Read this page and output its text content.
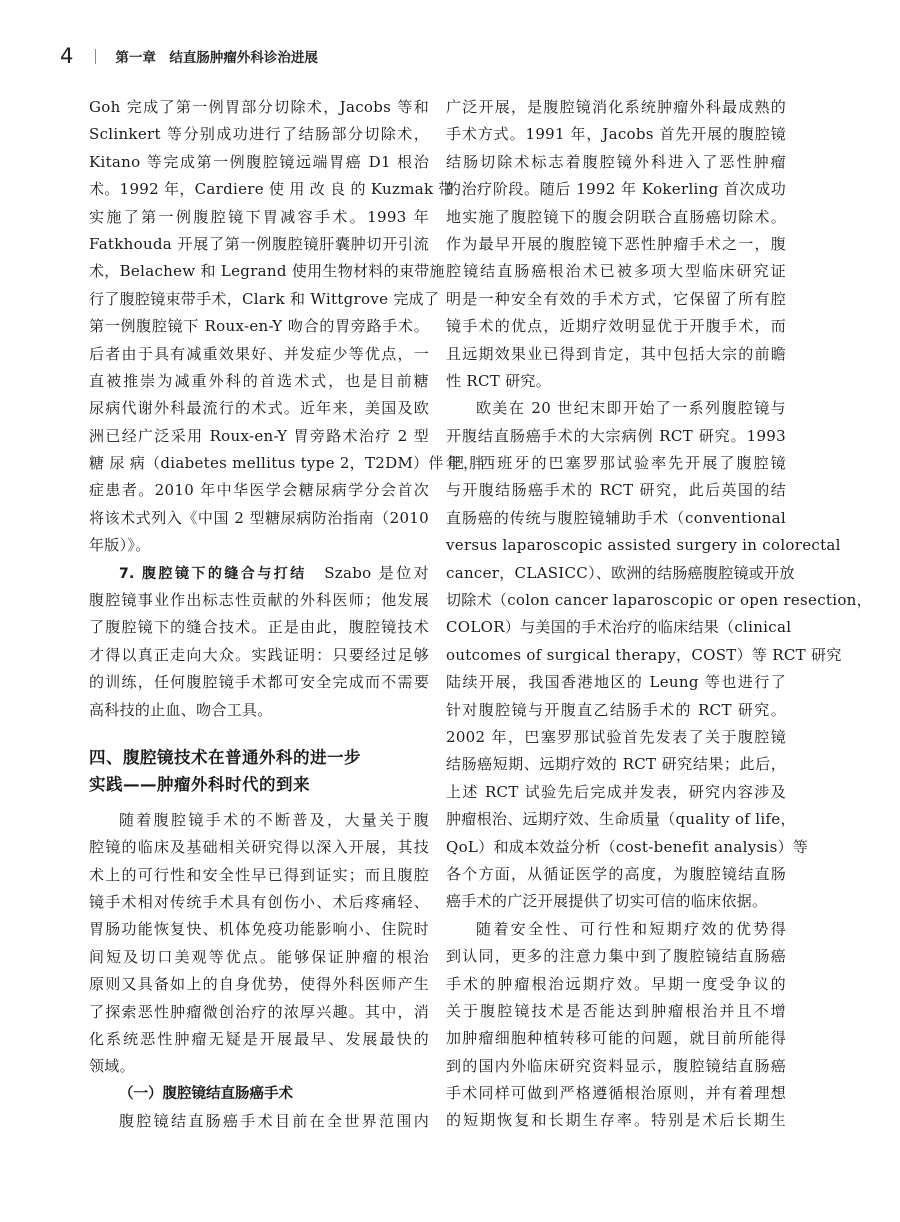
4	第一章　结直肠肿瘤外科诊治进展
Goh 完成了第一例胃部分切除术，Jacobs 等和
Sclinkert 等分别成功进行了结肠部分切除术，
Kitano 等完成第一例腹腔镜远端胃癌 D1 根治
术。1992 年，Cardiere 使 用 改 良 的 Kuzmak 带
实施了第一例腹腔镜下胃减容手术。1993 年
Fatkhouda 开展了第一例腹腔镜肝囊肿切开引流
术，Belachew 和 Legrand 使用生物材料的束带施
行了腹腔镜束带手术，Clark 和 Wittgrove 完成了
第一例腹腔镜下 Roux-en-Y 吻合的胃旁路手术。
后者由于具有减重效果好、并发症少等优点，一
直被推崇为减重外科的首选术式，也是目前糖
尿病代谢外科最流行的术式。近年来，美国及欧
洲已经广泛采用 Roux-en-Y 胃旁路术治疗 2 型
糖 尿 病（diabetes mellitus type 2，T2DM）伴 肥 胖
症患者。2010 年中华医学会糖尿病学分会首次
将该术式列入《中国 2 型糖尿病防治指南（2010
年版）》。
7. 腹腔镜下的缝合与打结　 Szabo 是位对
腹腔镜事业作出标志性贡献的外科医师；他发展
了腹腔镜下的缝合技术。正是由此，腹腔镜技术
才得以真正走向大众。实践证明：只要经过足够
的训练，任何腹腔镜手术都可安全完成而不需要
高科技的止血、吻合工具。
四、腹腔镜技术在普通外科的进一步
实践——肿瘤外科时代的到来
随着腹腔镜手术的不断普及，大量关于腹
腔镜的临床及基础相关研究得以深入开展，其技
术上的可行性和安全性早已得到证实；而且腹腔
镜手术相对传统手术具有创伤小、术后疼痛轻、
胃肠功能恢复快、机体免疫功能影响小、住院时
间短及切口美观等优点。能够保证肿瘤的根治
原则又具备如上的自身优势，使得外科医师产生
了探索恶性肿瘤微创治疗的浓厚兴趣。其中，消
化系统恶性肿瘤无疑是开展最早、发展最快的
领域。
（一）腹腔镜结直肠癌手术
腹腔镜结直肠癌手术目前在全世界范围内
广泛开展，是腹腔镜消化系统肿瘤外科最成熟的
手术方式。1991 年，Jacobs 首先开展的腹腔镜
结肠切除术标志着腹腔镜外科进入了恶性肿瘤
的治疗阶段。随后 1992 年 Kokerling 首次成功
地实施了腹腔镜下的腹会阴联合直肠癌切除术。
作为最早开展的腹腔镜下恶性肿瘤手术之一，腹
腔镜结直肠癌根治术已被多项大型临床研究证
明是一种安全有效的手术方式，它保留了所有腔
镜手术的优点，近期疗效明显优于开腹手术，而
且远期效果业已得到肯定，其中包括大宗的前瞻
性 RCT 研究。
欧美在 20 世纪末即开始了一系列腹腔镜与
开腹结直肠癌手术的大宗病例 RCT 研究。1993
年，西班牙的巴塞罗那试验率先开展了腹腔镜
与开腹结肠癌手术的 RCT 研究，此后英国的结
直肠癌的传统与腹腔镜辅助手术（conventional
versus laparoscopic assisted surgery in colorectal
cancer，CLASICC）、欧洲的结肠癌腹腔镜或开放
切除术（colon cancer laparoscopic or open resection，
COLOR）与美国的手术治疗的临床结果（clinical
outcomes of surgical therapy，COST）等 RCT 研究
陆续开展，我国香港地区的 Leung 等也进行了
针对腹腔镜与开腹直乙结肠手术的 RCT 研究。
2002 年，巴塞罗那试验首先发表了关于腹腔镜
结肠癌短期、远期疗效的 RCT 研究结果；此后，
上述 RCT 试验先后完成并发表，研究内容涉及
肿瘤根治、远期疗效、生命质量（quality of life，
QoL）和成本效益分析（cost-benefit analysis）等
各个方面，从循证医学的高度，为腹腔镜结直肠
癌手术的广泛开展提供了切实可信的临床依据。
随着安全性、可行性和短期疗效的优势得
到认同，更多的注意力集中到了腹腔镜结直肠癌
手术的肿瘤根治远期疗效。早期一度受争议的
关于腹腔镜技术是否能达到肿瘤根治并且不增
加肿瘤细胞种植转移可能的问题，就目前所能得
到的国内外临床研究资料显示，腹腔镜结直肠癌
手术同样可做到严格遵循根治原则，并有着理想
的短期恢复和长期生存率。特别是术后长期生
